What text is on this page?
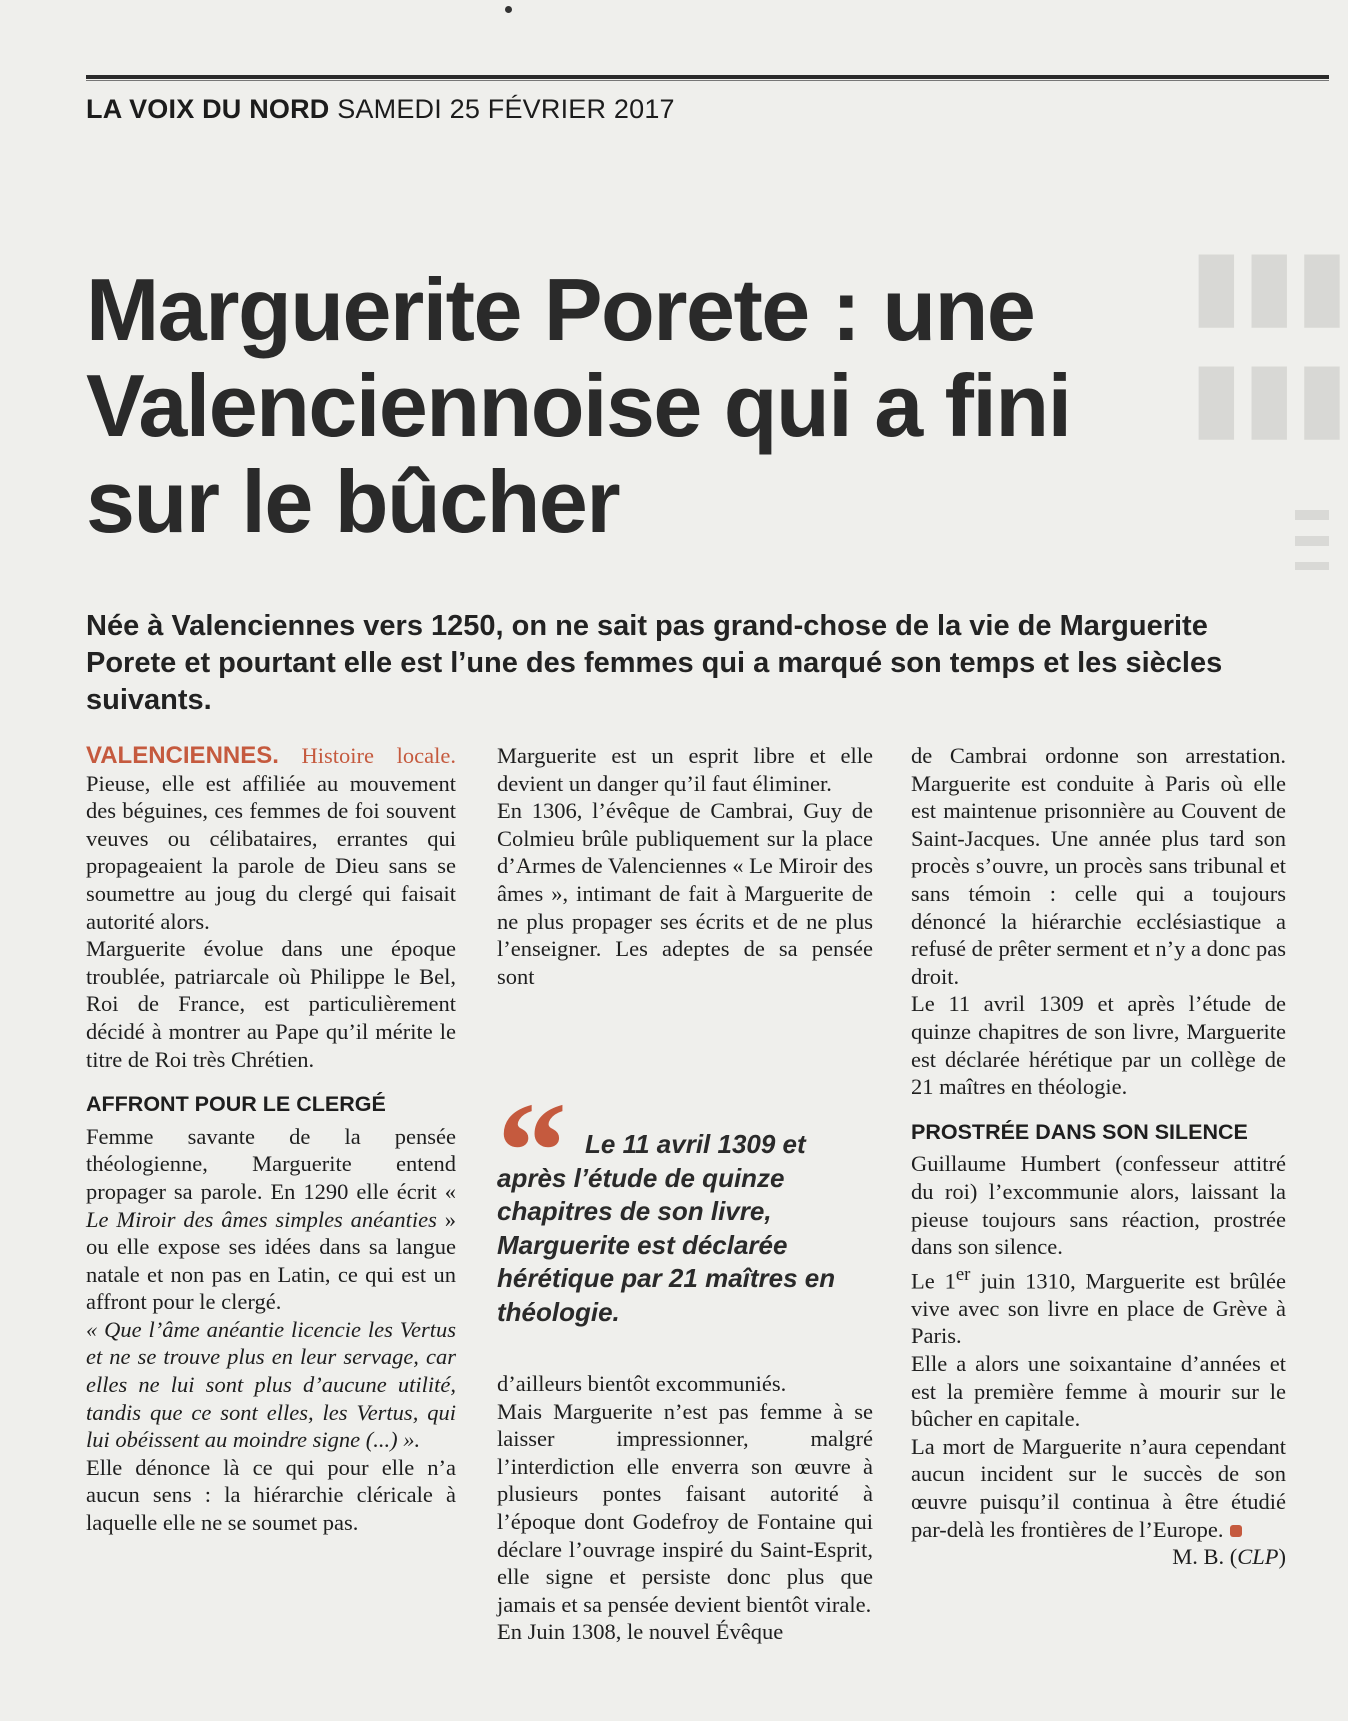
LA VOIX DU NORD SAMEDI 25 FÉVRIER 2017
▮▮▮
▮▮▮
Marguerite Porete : une Valenciennoise qui a fini sur le bûcher

Née à Valenciennes vers 1250, on ne sait pas grand-chose de la vie de Marguerite Porete et pourtant elle est l’une des femmes qui a marqué son temps et les siècles suivants.

VALENCIENNES. Histoire locale. Pieuse, elle est affiliée au mouvement des béguines, ces femmes de foi souvent veuves ou célibataires, errantes qui propageaient la parole de Dieu sans se soumettre au joug du clergé qui faisait autorité alors.

Marguerite évolue dans une époque troublée, patriarcale où Philippe le Bel, Roi de France, est particulièrement décidé à montrer au Pape qu’il mérite le titre de Roi très Chrétien.

AFFRONT POUR LE CLERGÉ

Femme savante de la pensée théologienne, Marguerite entend propager sa parole. En 1290 elle écrit « Le Miroir des âmes simples anéanties » ou elle expose ses idées dans sa langue natale et non pas en Latin, ce qui est un affront pour le clergé.

« Que l’âme anéantie licencie les Vertus et ne se trouve plus en leur servage, car elles ne lui sont plus d’aucune utilité, tandis que ce sont elles, les Vertus, qui lui obéissent au moindre signe (...) ».

Elle dénonce là ce qui pour elle n’a aucun sens : la hiérarchie cléricale à laquelle elle ne se soumet pas.

Marguerite est un esprit libre et elle devient un danger qu’il faut éliminer.

En 1306, l’évêque de Cambrai, Guy de Colmieu brûle publiquement sur la place d’Armes de Valenciennes « Le Miroir des âmes », intimant de fait à Marguerite de ne plus propager ses écrits et de ne plus l’enseigner. Les adeptes de sa pensée sont

“ Le 11 avril 1309 et après l’étude de quinze chapitres de son livre, Marguerite est déclarée hérétique par 21 maîtres en théologie.

d’ailleurs bientôt excommuniés.

Mais Marguerite n’est pas femme à se laisser impressionner, malgré l’interdiction elle enverra son œuvre à plusieurs pontes faisant autorité à l’époque dont Godefroy de Fontaine qui déclare l’ouvrage inspiré du Saint-Esprit, elle signe et persiste donc plus que jamais et sa pensée devient bientôt virale.

En Juin 1308, le nouvel Évêque

de Cambrai ordonne son arrestation. Marguerite est conduite à Paris où elle est maintenue prisonnière au Couvent de Saint-Jacques. Une année plus tard son procès s’ouvre, un procès sans tribunal et sans témoin : celle qui a toujours dénoncé la hiérarchie ecclésiastique a refusé de prêter serment et n’y a donc pas droit.

Le 11 avril 1309 et après l’étude de quinze chapitres de son livre, Marguerite est déclarée hérétique par un collège de 21 maîtres en théologie.

PROSTRÉE DANS SON SILENCE

Guillaume Humbert (confesseur attitré du roi) l’excommunie alors, laissant la pieuse toujours sans réaction, prostrée dans son silence.

Le 1er juin 1310, Marguerite est brûlée vive avec son livre en place de Grève à Paris.

Elle a alors une soixantaine d’années et est la première femme à mourir sur le bûcher en capitale.

La mort de Marguerite n’aura cependant aucun incident sur le succès de son œuvre puisqu’il continua à être étudié par-delà les frontières de l’Europe.

M. B. (CLP)
